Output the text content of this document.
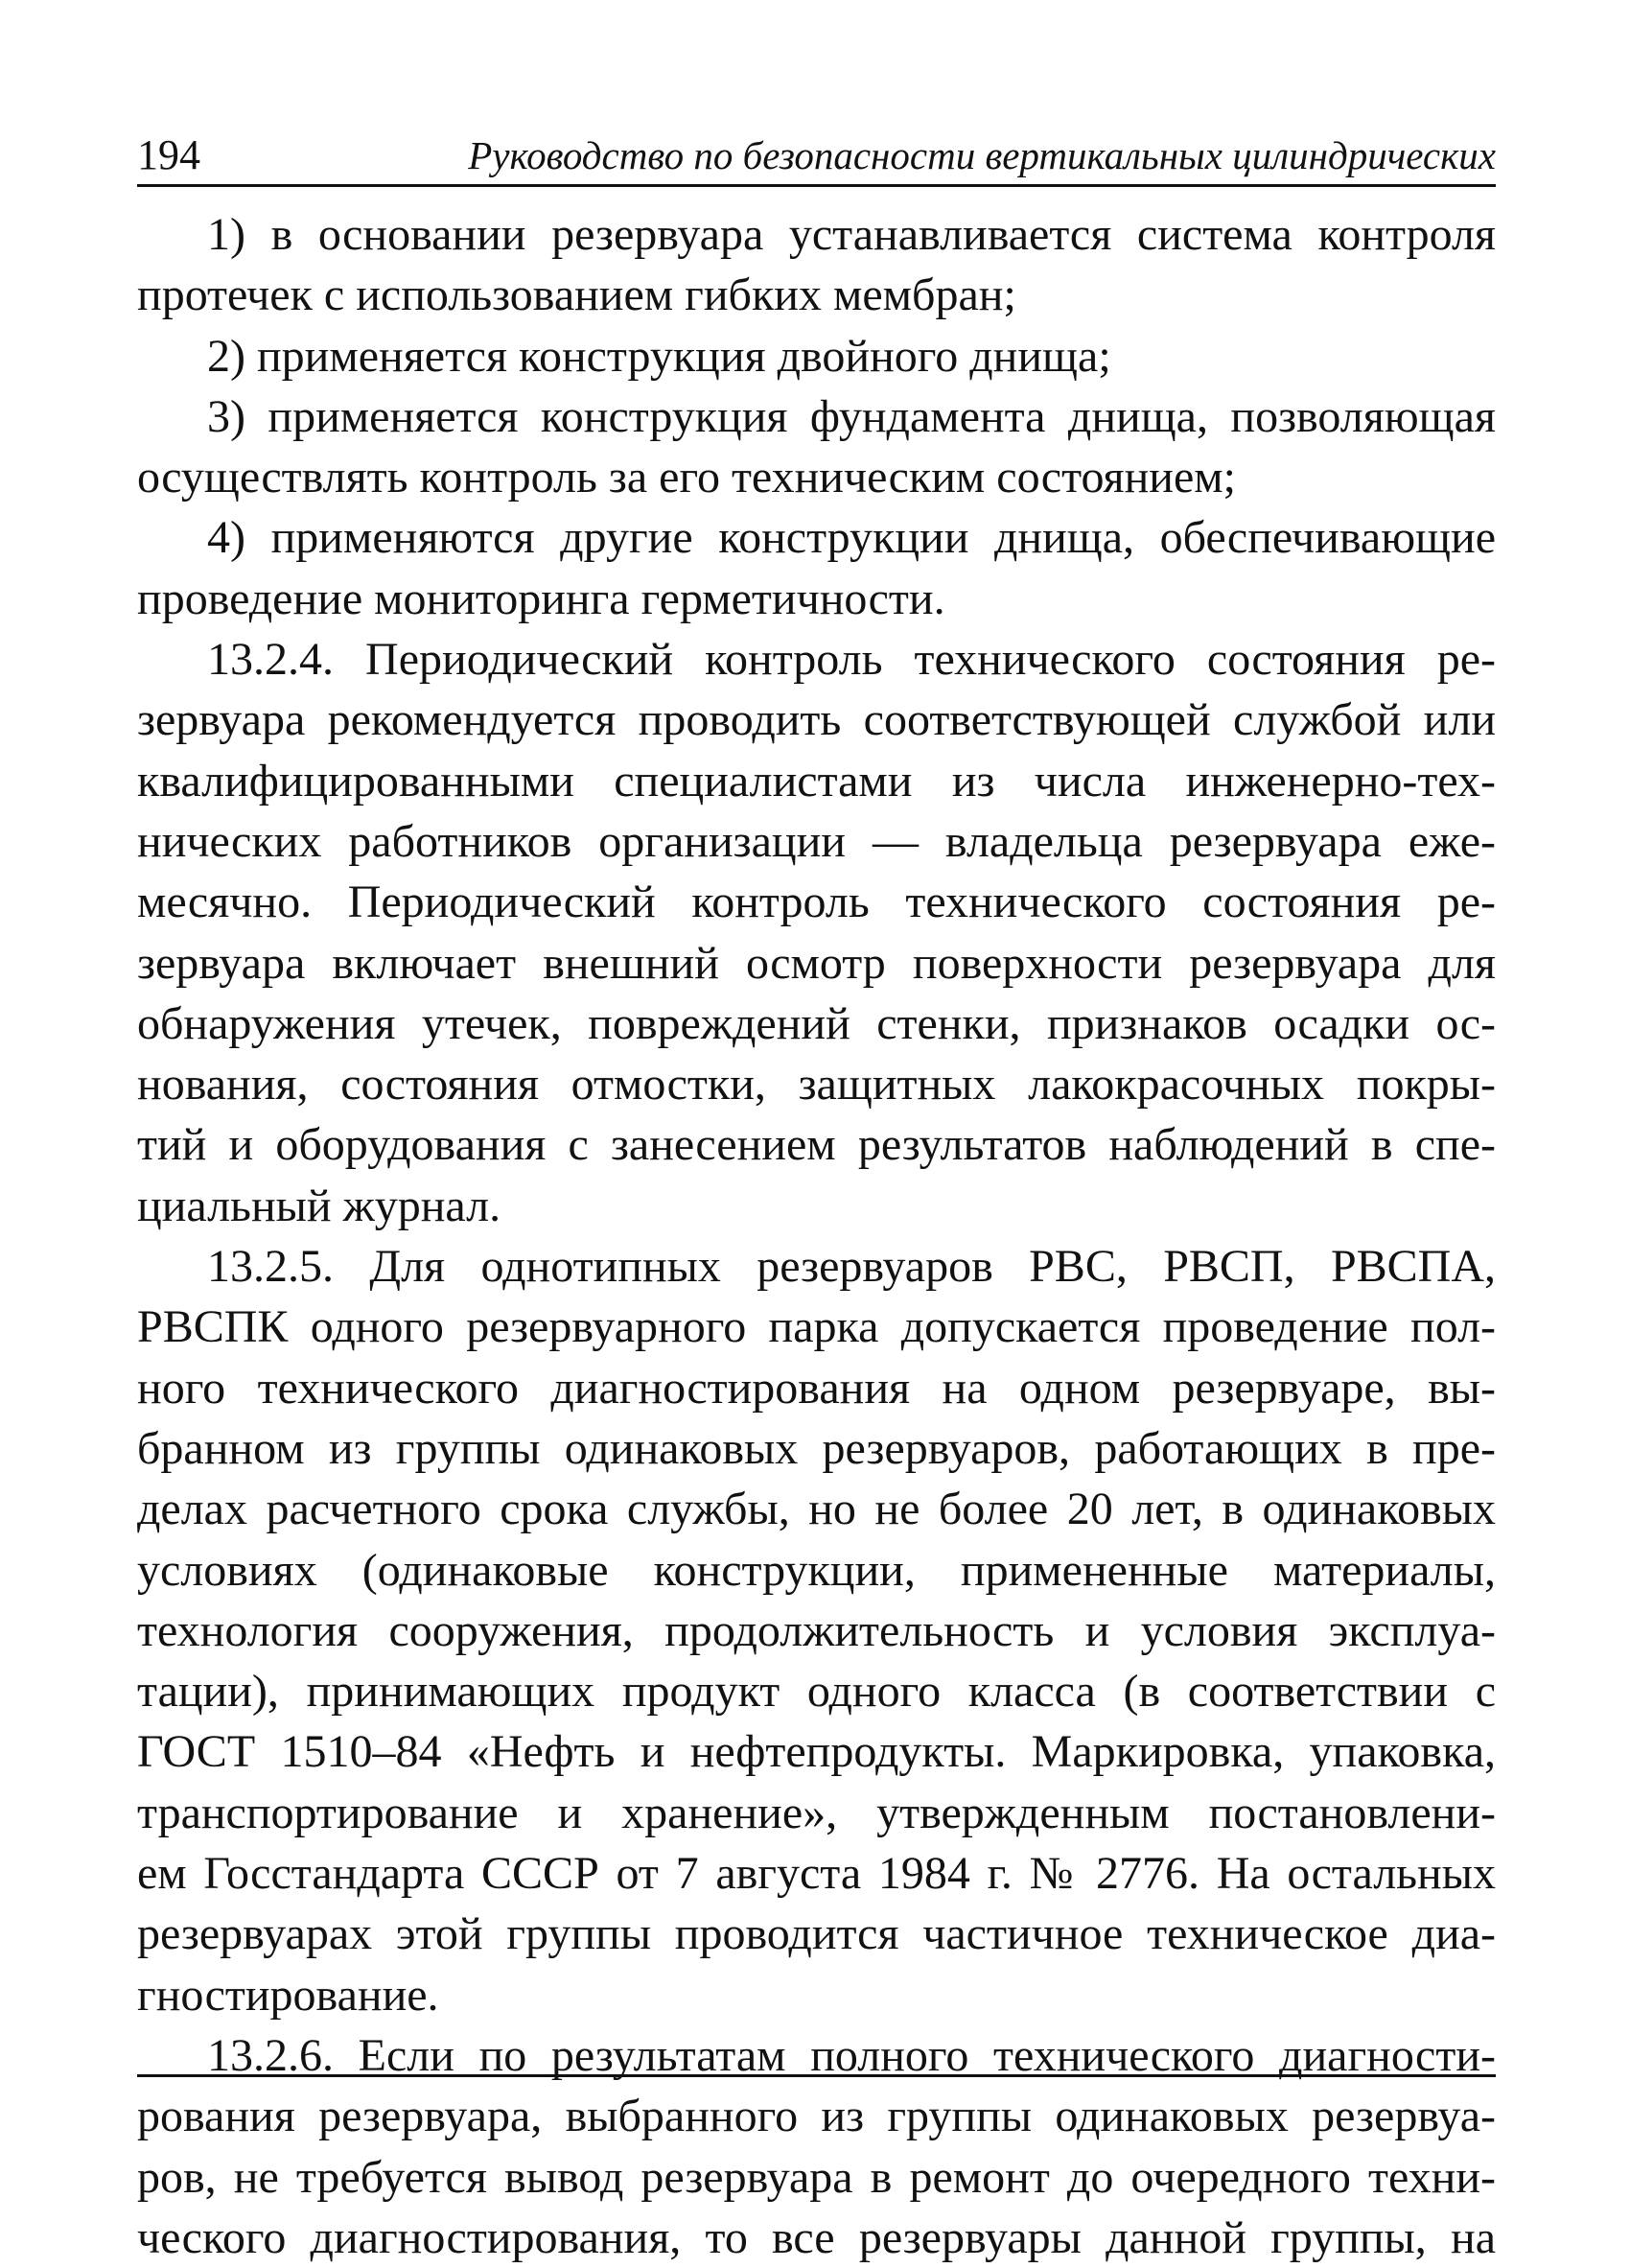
194	Руководство по безопасности вертикальных цилиндрических
1) в основании резервуара устанавливается система контроля
протечек с использованием гибких мембран;
2) применяется конструкция двойного днища;
3) применяется конструкция фундамента днища, позволяющая
осуществлять контроль за его техническим состоянием;
4) применяются другие конструкции днища, обеспечивающие
проведение мониторинга герметичности.
13.2.4. Периодический контроль технического состояния ре-
зервуара рекомендуется проводить соответствующей службой или
квалифицированными специалистами из числа инженерно-тех-
нических работников организации — владельца резервуара еже-
месячно. Периодический контроль технического состояния ре-
зервуара включает внешний осмотр поверхности резервуара для
обнаружения утечек, повреждений стенки, признаков осадки ос-
нования, состояния отмостки, защитных лакокрасочных покры-
тий и оборудования с занесением результатов наблюдений в спе-
циальный журнал.
13.2.5. Для однотипных резервуаров РВС, РВСП, РВСПА,
РВСПК одного резервуарного парка допускается проведение пол-
ного технического диагностирования на одном резервуаре, вы-
бранном из группы одинаковых резервуаров, работающих в пре-
делах расчетного срока службы, но не более 20 лет, в одинаковых
условиях (одинаковые конструкции, примененные материалы,
технология сооружения, продолжительность и условия эксплуа-
тации), принимающих продукт одного класса (в соответствии с
ГОСТ 1510–84 «Нефть и нефтепродукты. Маркировка, упаковка,
транспортирование и хранение», утвержденным постановлени-
ем Госстандарта СССР от 7 августа 1984 г. № 2776. На остальных
резервуарах этой группы проводится частичное техническое диа-
гностирование.
13.2.6. Если по результатам полного технического диагности-
рования резервуара, выбранного из группы одинаковых резервуа-
ров, не требуется вывод резервуара в ремонт до очередного техни-
ческого диагностирования, то все резервуары данной группы, на
